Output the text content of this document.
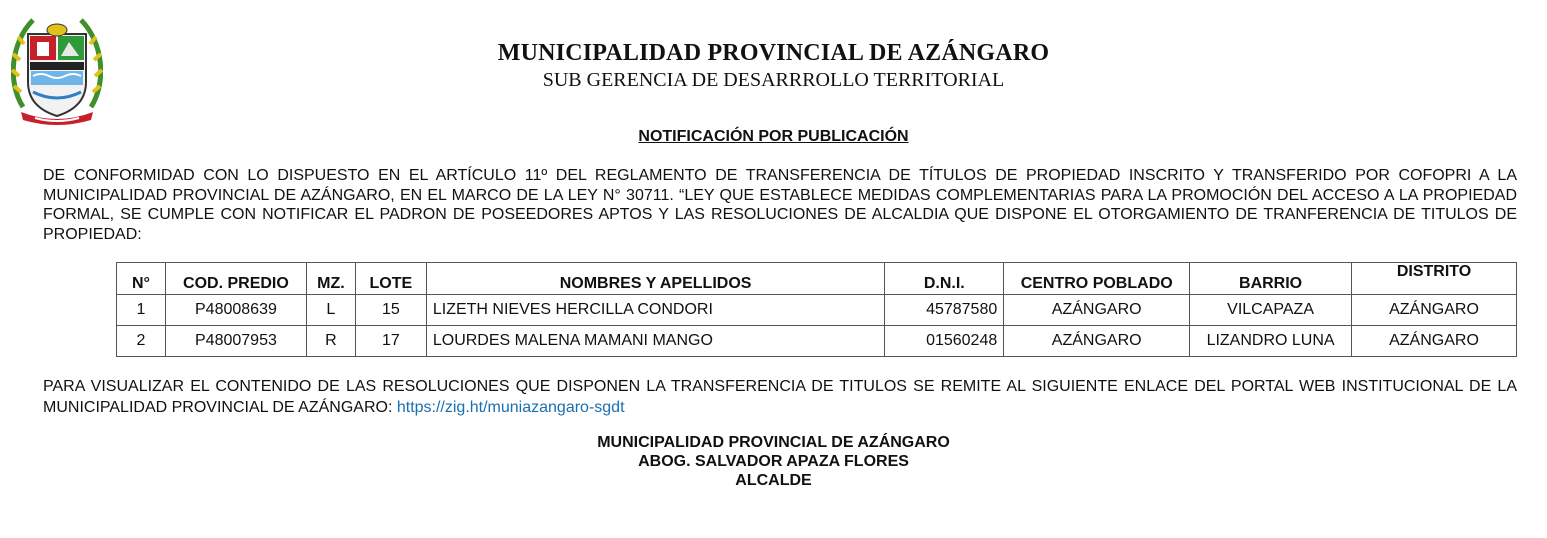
MUNICIPALIDAD PROVINCIAL DE AZÁNGARO
SUB GERENCIA DE DESARRROLLO TERRITORIAL
NOTIFICACIÓN POR PUBLICACIÓN
DE CONFORMIDAD CON LO DISPUESTO EN EL ARTÍCULO 11º DEL REGLAMENTO DE TRANSFERENCIA DE TÍTULOS DE PROPIEDAD INSCRITO Y TRANSFERIDO POR COFOPRI A LA MUNICIPALIDAD PROVINCIAL DE AZÁNGARO, EN EL MARCO DE LA LEY N° 30711. “LEY QUE ESTABLECE MEDIDAS COMPLEMENTARIAS PARA LA PROMOCIÓN DEL ACCESO A LA PROPIEDAD FORMAL, SE CUMPLE CON NOTIFICAR EL PADRON DE POSEEDORES APTOS Y LAS RESOLUCIONES DE ALCALDIA QUE DISPONE EL OTORGAMIENTO DE TRANFERENCIA DE TITULOS DE PROPIEDAD:
N°	COD. PREDIO	MZ.	LOTE	NOMBRES Y APELLIDOS	D.N.I.	CENTRO POBLADO	BARRIO	DISTRITO
1	P48008639	L	15	LIZETH NIEVES HERCILLA CONDORI	45787580	AZÁNGARO	VILCAPAZA	AZÁNGARO
2	P48007953	R	17	LOURDES MALENA MAMANI MANGO	01560248	AZÁNGARO	LIZANDRO LUNA	AZÁNGARO
PARA VISUALIZAR EL CONTENIDO DE LAS RESOLUCIONES QUE DISPONEN LA TRANSFERENCIA DE TITULOS SE REMITE AL SIGUIENTE ENLACE DEL PORTAL WEB INSTITUCIONAL DE LA MUNICIPALIDAD PROVINCIAL DE AZÁNGARO: https://zig.ht/muniazangaro-sgdt
MUNICIPALIDAD PROVINCIAL DE AZÁNGARO
ABOG. SALVADOR APAZA FLORES
ALCALDE
